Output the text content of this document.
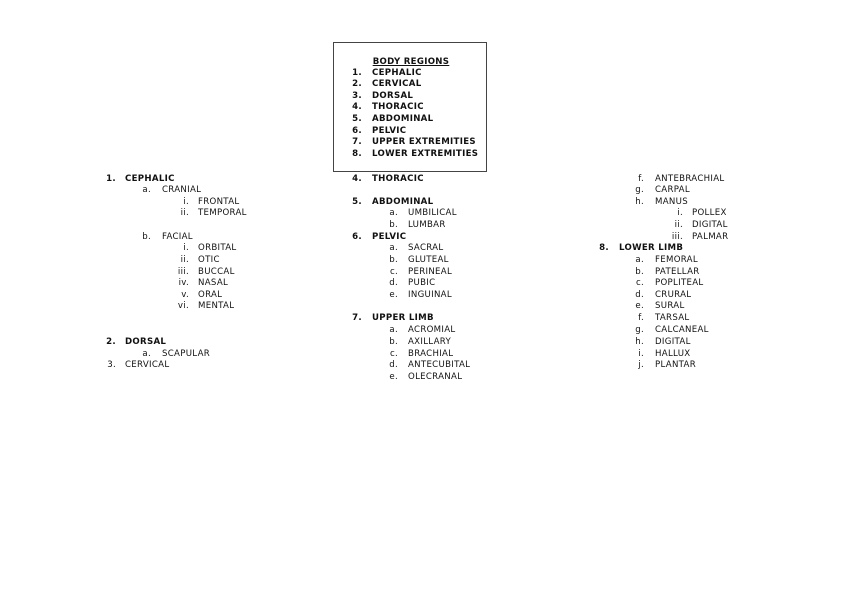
BODY REGIONS
1. CEPHALIC
2. CERVICAL
3. DORSAL
4. THORACIC
5. ABDOMINAL
6. PELVIC
7. UPPER EXTREMITIES
8. LOWER EXTREMITIES
1. CEPHALIC
a. CRANIAL
i. FRONTAL
ii. TEMPORAL
b. FACIAL
i. ORBITAL
ii. OTIC
iii. BUCCAL
iv. NASAL
v. ORAL
vi. MENTAL
2. DORSAL
a. SCAPULAR
3. CERVICAL
4. THORACIC
5. ABDOMINAL
a. UMBILICAL
b. LUMBAR
6. PELVIC
a. SACRAL
b. GLUTEAL
c. PERINEAL
d. PUBIC
e. INGUINAL
7. UPPER LIMB
a. ACROMIAL
b. AXILLARY
c. BRACHIAL
d. ANTECUBITAL
e. OLECRANAL
f. ANTEBRACHIAL
g. CARPAL
h. MANUS
i. POLLEX
ii. DIGITAL
iii. PALMAR
8. LOWER LIMB
a. FEMORAL
b. PATELLAR
c. POPLITEAL
d. CRURAL
e. SURAL
f. TARSAL
g. CALCANEAL
h. DIGITAL
i. HALLUX
j. PLANTAR
